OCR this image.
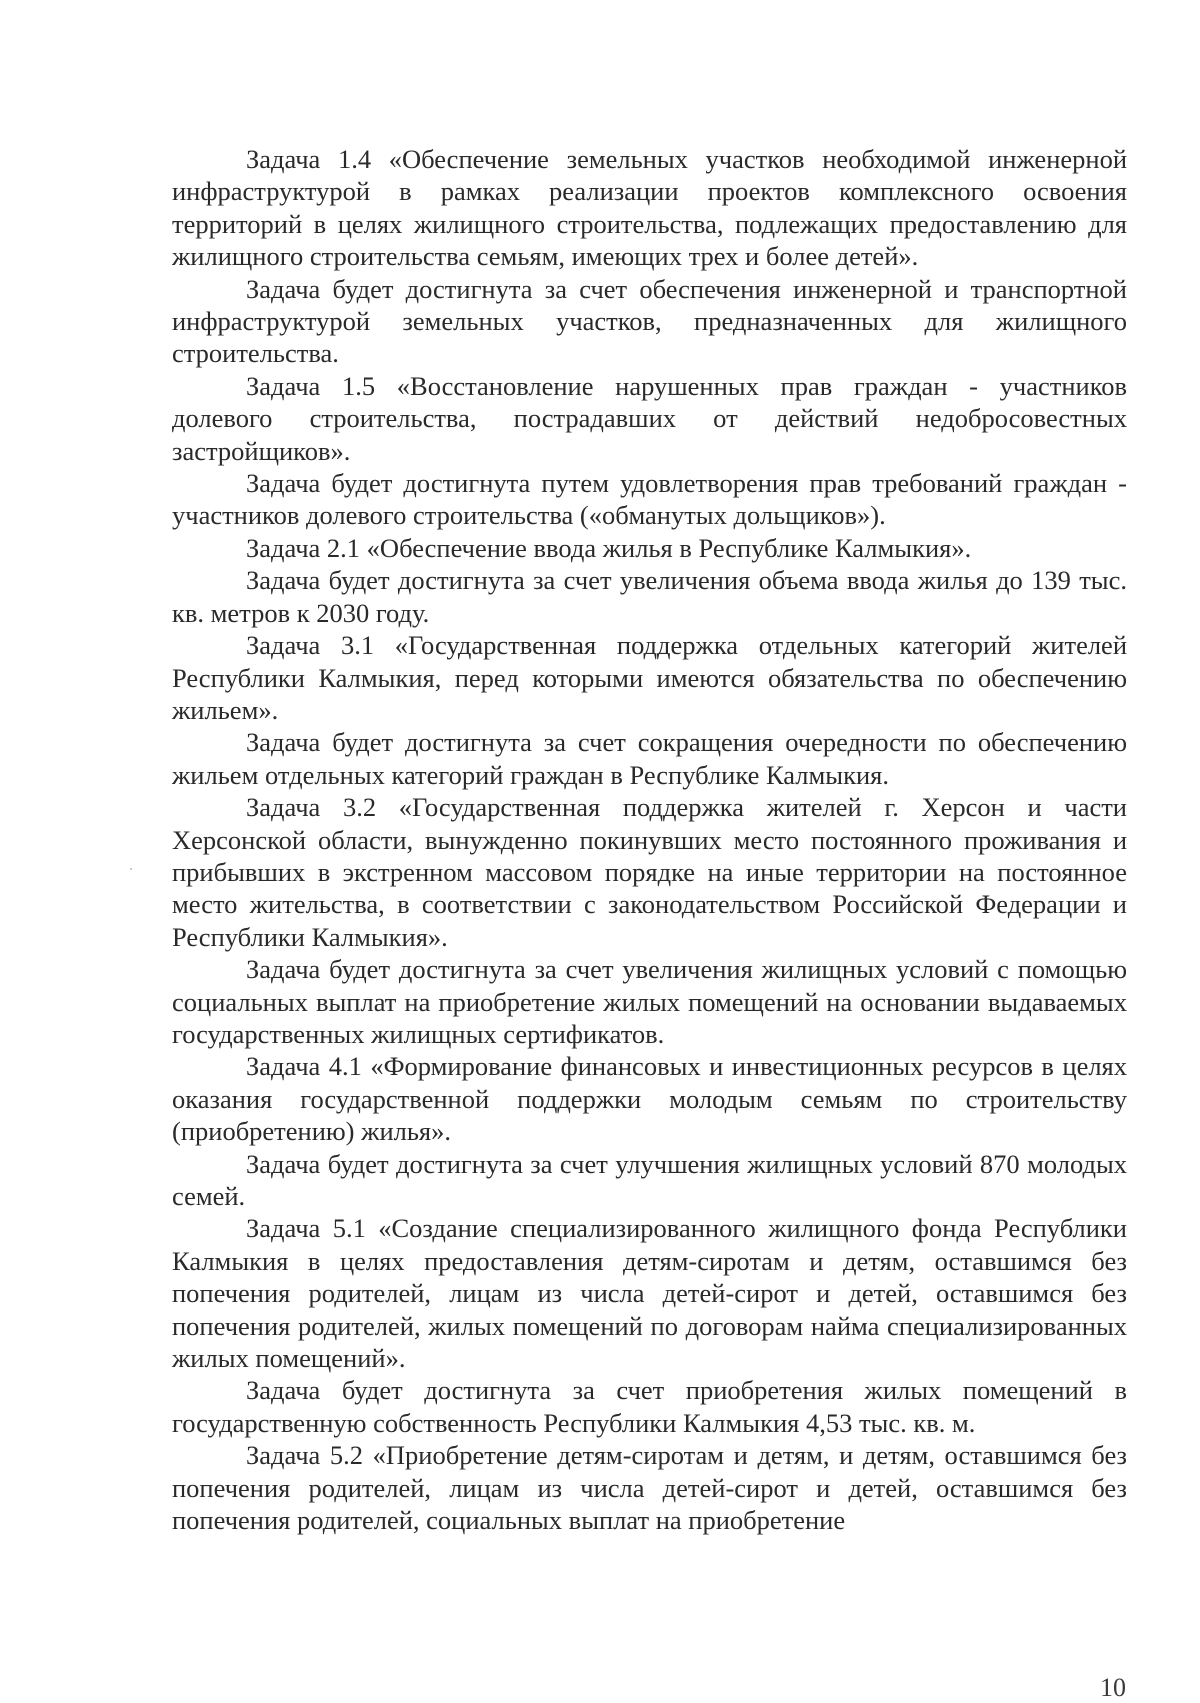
Задача 1.4 «Обеспечение земельных участков необходимой инженерной инфраструктурой в рамках реализации проектов комплексного освоения территорий в целях жилищного строительства, подлежащих предоставлению для жилищного строительства семьям, имеющих трех и более детей».

Задача будет достигнута за счет обеспечения инженерной и транспортной инфраструктурой земельных участков, предназначенных для жилищного строительства.

Задача 1.5 «Восстановление нарушенных прав граждан - участников долевого строительства, пострадавших от действий недобросовестных застройщиков».

Задача будет достигнута путем удовлетворения прав требований граждан - участников долевого строительства («обманутых дольщиков»).

Задача 2.1 «Обеспечение ввода жилья в Республике Калмыкия».

Задача будет достигнута за счет увеличения объема ввода жилья до 139 тыс. кв. метров к 2030 году.

Задача 3.1 «Государственная поддержка отдельных категорий жителей Республики Калмыкия, перед которыми имеются обязательства по обеспечению жильем».

Задача будет достигнута за счет сокращения очередности по обеспечению жильем отдельных категорий граждан в Республике Калмыкия.

Задача 3.2 «Государственная поддержка жителей г. Херсон и части Херсонской области, вынужденно покинувших место постоянного проживания и прибывших в экстренном массовом порядке на иные территории на постоянное место жительства, в соответствии с законодательством Российской Федерации и Республики Калмыкия».

Задача будет достигнута за счет увеличения жилищных условий с помощью социальных выплат на приобретение жилых помещений на основании выдаваемых государственных жилищных сертификатов.

Задача 4.1 «Формирование финансовых и инвестиционных ресурсов в целях оказания государственной поддержки молодым семьям по строительству (приобретению) жилья».

Задача будет достигнута за счет улучшения жилищных условий 870 молодых семей.

Задача 5.1 «Создание специализированного жилищного фонда Республики Калмыкия в целях предоставления детям-сиротам и детям, оставшимся без попечения родителей, лицам из числа детей-сирот и детей, оставшимся без попечения родителей, жилых помещений по договорам найма специализированных жилых помещений».

Задача будет достигнута за счет приобретения жилых помещений в государственную собственность Республики Калмыкия 4,53 тыс. кв. м.

Задача 5.2 «Приобретение детям-сиротам и детям, и детям, оставшимся без попечения родителей, лицам из числа детей-сирот и детей, оставшимся без попечения родителей, социальных выплат на приобретение

10
